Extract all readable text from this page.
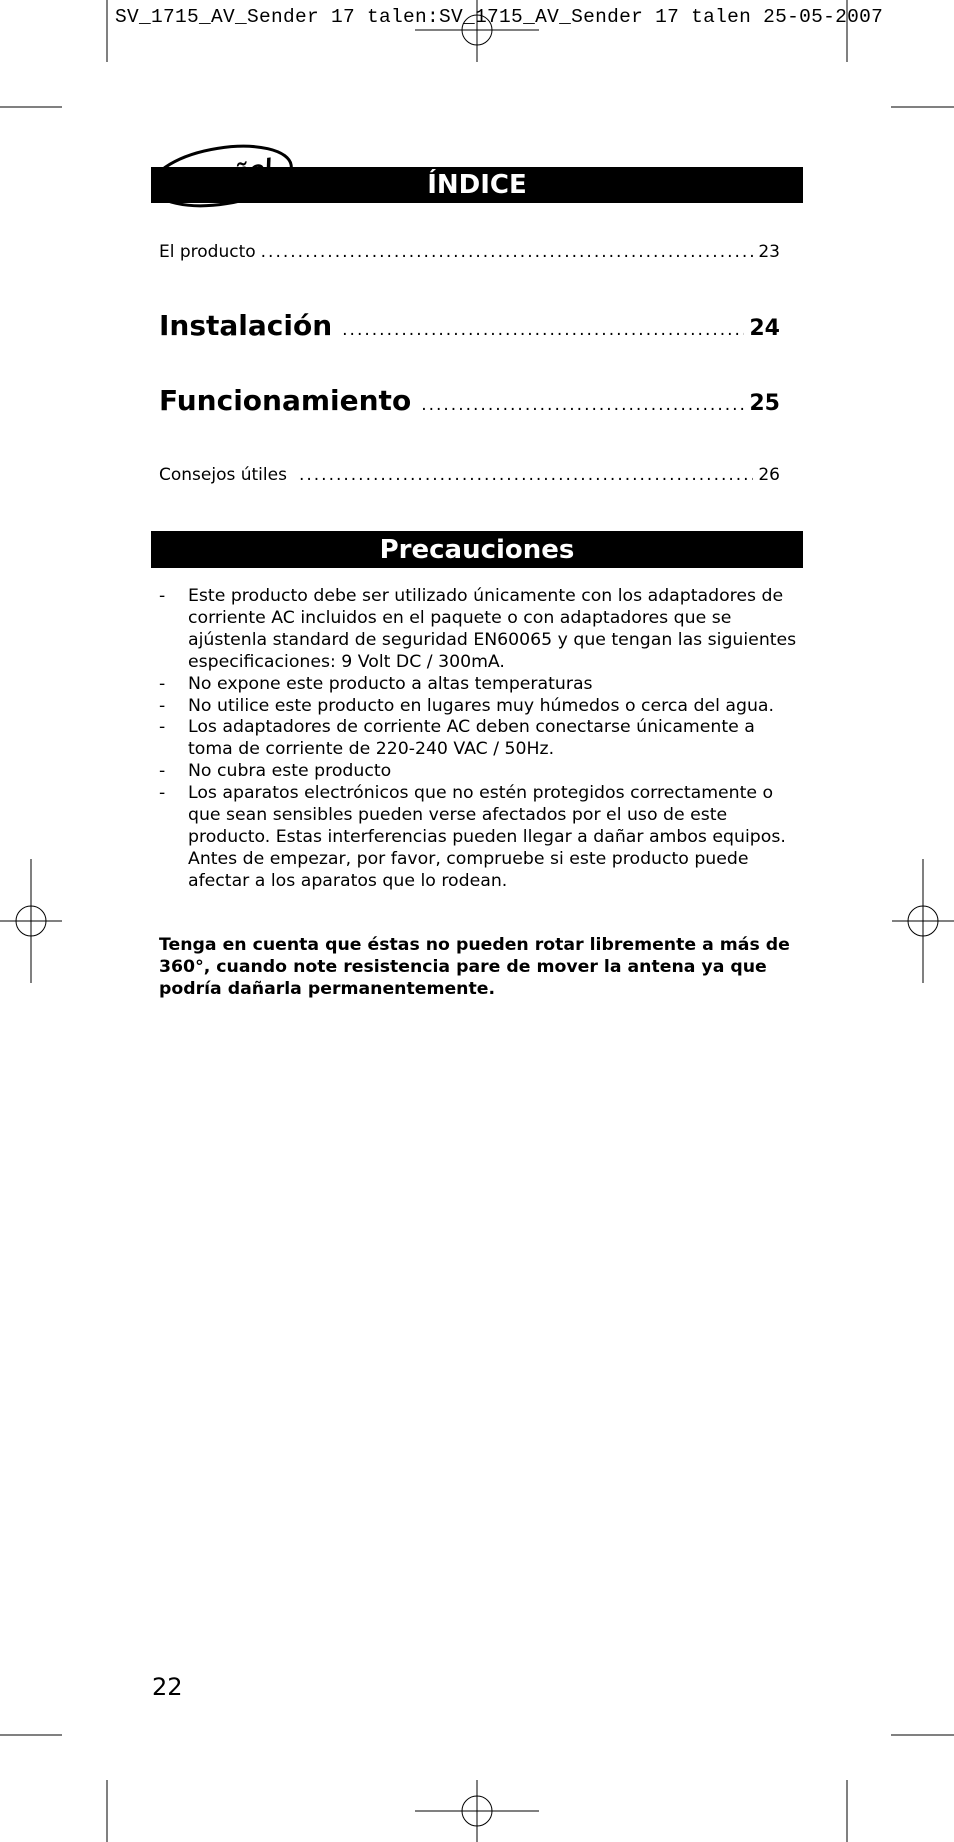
SV_1715_AV_Sender 17 talen:SV_1715_AV_Sender 17 talen 25-05-2007
ÍNDICE
El producto .....	23
Instalación .....	24
Funcionamiento .....	25
Consejos útiles .....	26
Precauciones
- Este producto debe ser utilizado únicamente con los adaptadores de corriente AC incluidos en el paquete o con adaptadores que se ajústenla standard de seguridad EN60065 y que tengan las siguientes especificaciones: 9 Volt DC / 300mA.
- No expone este producto a altas temperaturas
- No utilice este producto en lugares muy húmedos o cerca del agua.
- Los adaptadores de corriente AC deben conectarse únicamente a toma de corriente de 220-240 VAC / 50Hz.
- No cubra este producto
- Los aparatos electrónicos que no estén protegidos correctamente o que sean sensibles pueden verse afectados por el uso de este producto. Estas interferencias pueden llegar a dañar ambos equipos. Antes de empezar, por favor, compruebe si este producto puede afectar a los aparatos que lo rodean.
Tenga en cuenta que éstas no pueden rotar libremente a más de 360°, cuando note resistencia pare de mover la antena ya que podría dañarla permanentemente.
22
